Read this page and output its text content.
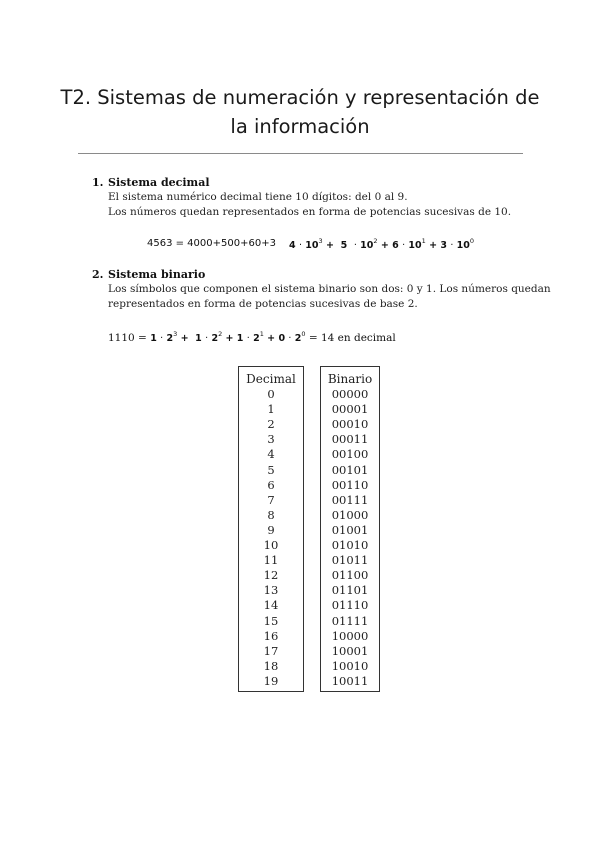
T2. Sistemas de numeración y representación de
la información
1. Sistema decimal
El sistema numérico decimal tiene 10 dígitos: del 0 al 9.
Los números quedan representados en forma de potencias sucesivas de 10.
4563 = 4000+500+60+3 $4 \cdot 10^3 + 5 \cdot 10^2 + 6 \cdot 10^1 + 3 \cdot 10^0$
2. Sistema binario
Los símbolos que componen el sistema binario son dos: 0 y 1. Los números quedan
representados en forma de potencias sucesivas de base 2.
$1110 = 1 \cdot 2^3 + 1 \cdot 2^2 + 1 \cdot 2^1 + 0 \cdot 2^0 = 14$ en decimal
Decimal	Binario
0
1
2
3
4
5
6
7
8
9
10
11
12
13
14
15
16
17
18
19
00000
00001
00010
00011
00100
00101
00110
00111
01000
01001
01010
01011
01100
01101
01110
01111
10000
10001
10010
10011
